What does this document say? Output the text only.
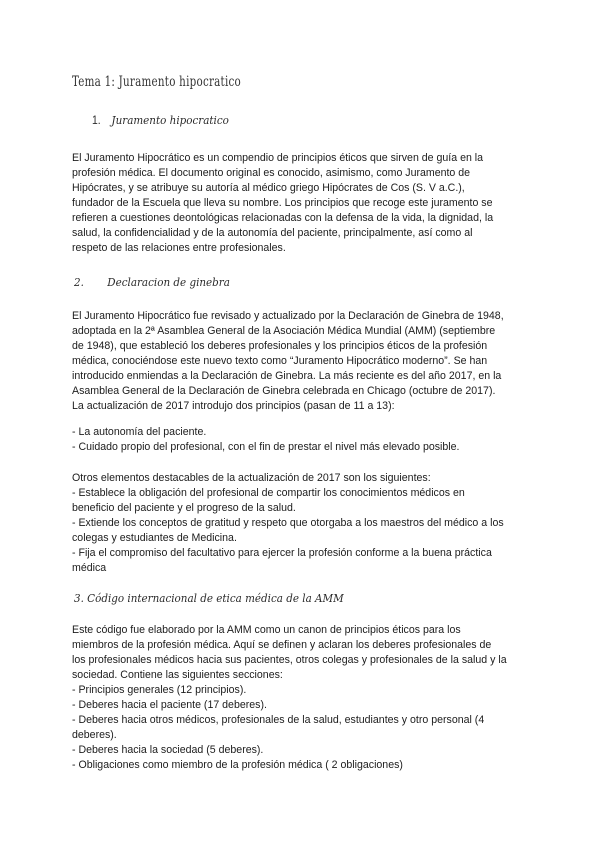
Tema 1: Juramento hipocratico
1. Juramento hipocratico
El Juramento Hipocrático es un compendio de principios éticos que sirven de guía en la
profesión médica. El documento original es conocido, asimismo, como Juramento de
Hipócrates, y se atribuye su autoría al médico griego Hipócrates de Cos (S. V a.C.),
fundador de la Escuela que lleva su nombre. Los principios que recoge este juramento se
refieren a cuestiones deontológicas relacionadas con la defensa de la vida, la dignidad, la
salud, la confidencialidad y de la autonomía del paciente, principalmente, así como al
respeto de las relaciones entre profesionales.
2. Declaracion de ginebra
El Juramento Hipocrático fue revisado y actualizado por la Declaración de Ginebra de 1948,
adoptada en la 2ª Asamblea General de la Asociación Médica Mundial (AMM) (septiembre
de 1948), que estableció los deberes profesionales y los principios éticos de la profesión
médica, conociéndose este nuevo texto como “Juramento Hipocrático moderno”. Se han
introducido enmiendas a la Declaración de Ginebra. La más reciente es del año 2017, en la
Asamblea General de la Declaración de Ginebra celebrada en Chicago (octubre de 2017).
La actualización de 2017 introdujo dos principios (pasan de 11 a 13):
- La autonomía del paciente.
- Cuidado propio del profesional, con el fin de prestar el nivel más elevado posible.
Otros elementos destacables de la actualización de 2017 son los siguientes:
- Establece la obligación del profesional de compartir los conocimientos médicos en
beneficio del paciente y el progreso de la salud.
- Extiende los conceptos de gratitud y respeto que otorgaba a los maestros del médico a los
colegas y estudiantes de Medicina.
- Fija el compromiso del facultativo para ejercer la profesión conforme a la buena práctica
médica
3. Código internacional de etica médica de la AMM
Este código fue elaborado por la AMM como un canon de principios éticos para los
miembros de la profesión médica. Aquí se definen y aclaran los deberes profesionales de
los profesionales médicos hacia sus pacientes, otros colegas y profesionales de la salud y la
sociedad. Contiene las siguientes secciones:
- Principios generales (12 principios).
- Deberes hacia el paciente (17 deberes).
- Deberes hacia otros médicos, profesionales de la salud, estudiantes y otro personal (4
deberes).
- Deberes hacia la sociedad (5 deberes).
- Obligaciones como miembro de la profesión médica ( 2 obligaciones)
